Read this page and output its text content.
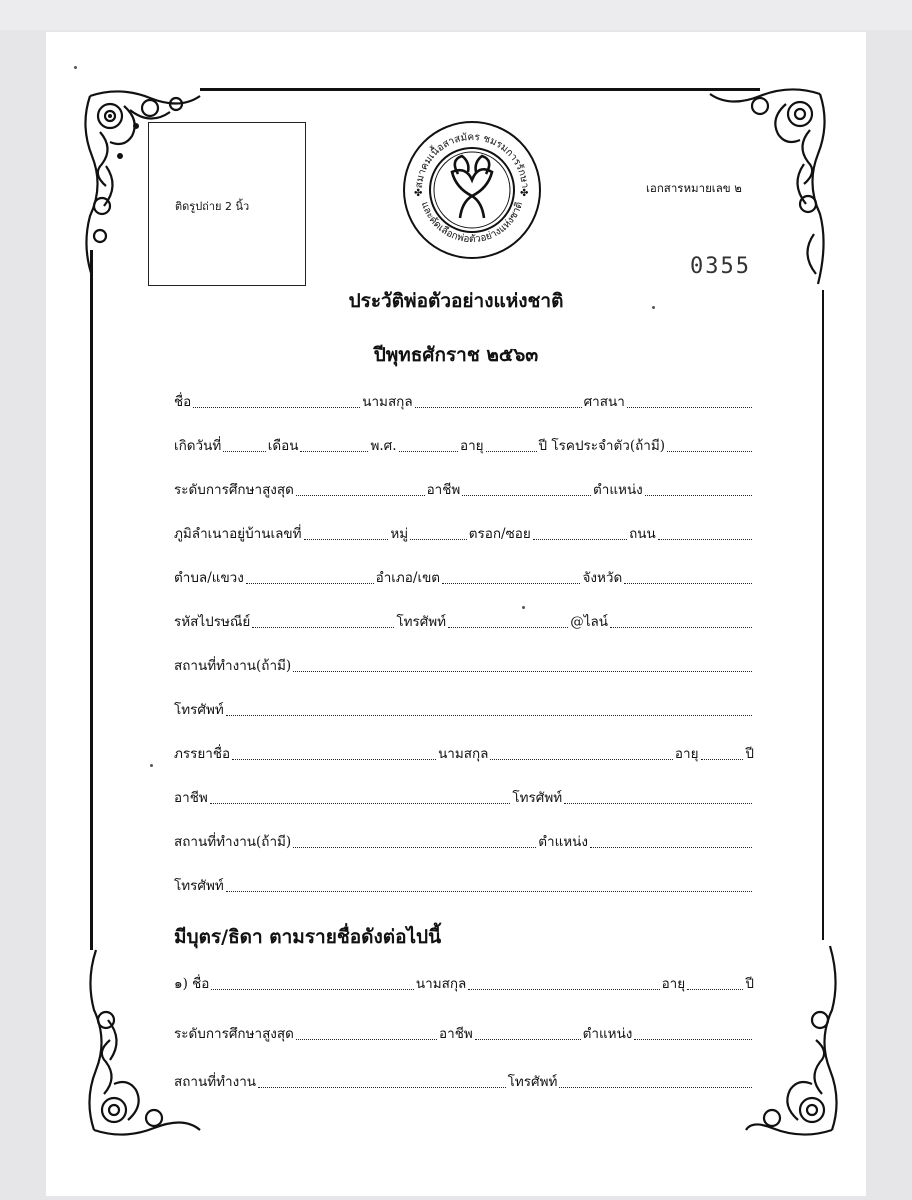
ติดรูปถ่าย 2 นิ้ว
สมาคมเนื้อสาสมัคร ชมรมการรักษา
และคัดเลือกพ่อตัวอย่างแห่งชาติ
✤	✤	เอกสารหมายเลข ๒
0355
ประวัติพ่อตัวอย่างแห่งชาติ
ปีพุทธศักราช ๒๕๖๓
ชื่อ	นามสกุล	ศาสนา
เกิดวันที่	เดือน	พ.ศ.	อายุ	ปี โรคประจำตัว(ถ้ามี)
ระดับการศึกษาสูงสุด	อาชีพ	ตำแหน่ง
ภูมิลำเนาอยู่บ้านเลขที่	หมู่	ตรอก/ซอย	ถนน
ตำบล/แขวง	อำเภอ/เขต	จังหวัด
รหัสไปรษณีย์	โทรศัพท์	@ไลน์
สถานที่ทำงาน(ถ้ามี)
โทรศัพท์
ภรรยาชื่อ	นามสกุล	อายุ	ปี
อาชีพ	โทรศัพท์
สถานที่ทำงาน(ถ้ามี)	ตำแหน่ง
โทรศัพท์
มีบุตร/ธิดา ตามรายชื่อดังต่อไปนี้
๑) ชื่อ	นามสกุล	อายุ	ปี
ระดับการศึกษาสูงสุด	อาชีพ	ตำแหน่ง
สถานที่ทำงาน	โทรศัพท์
